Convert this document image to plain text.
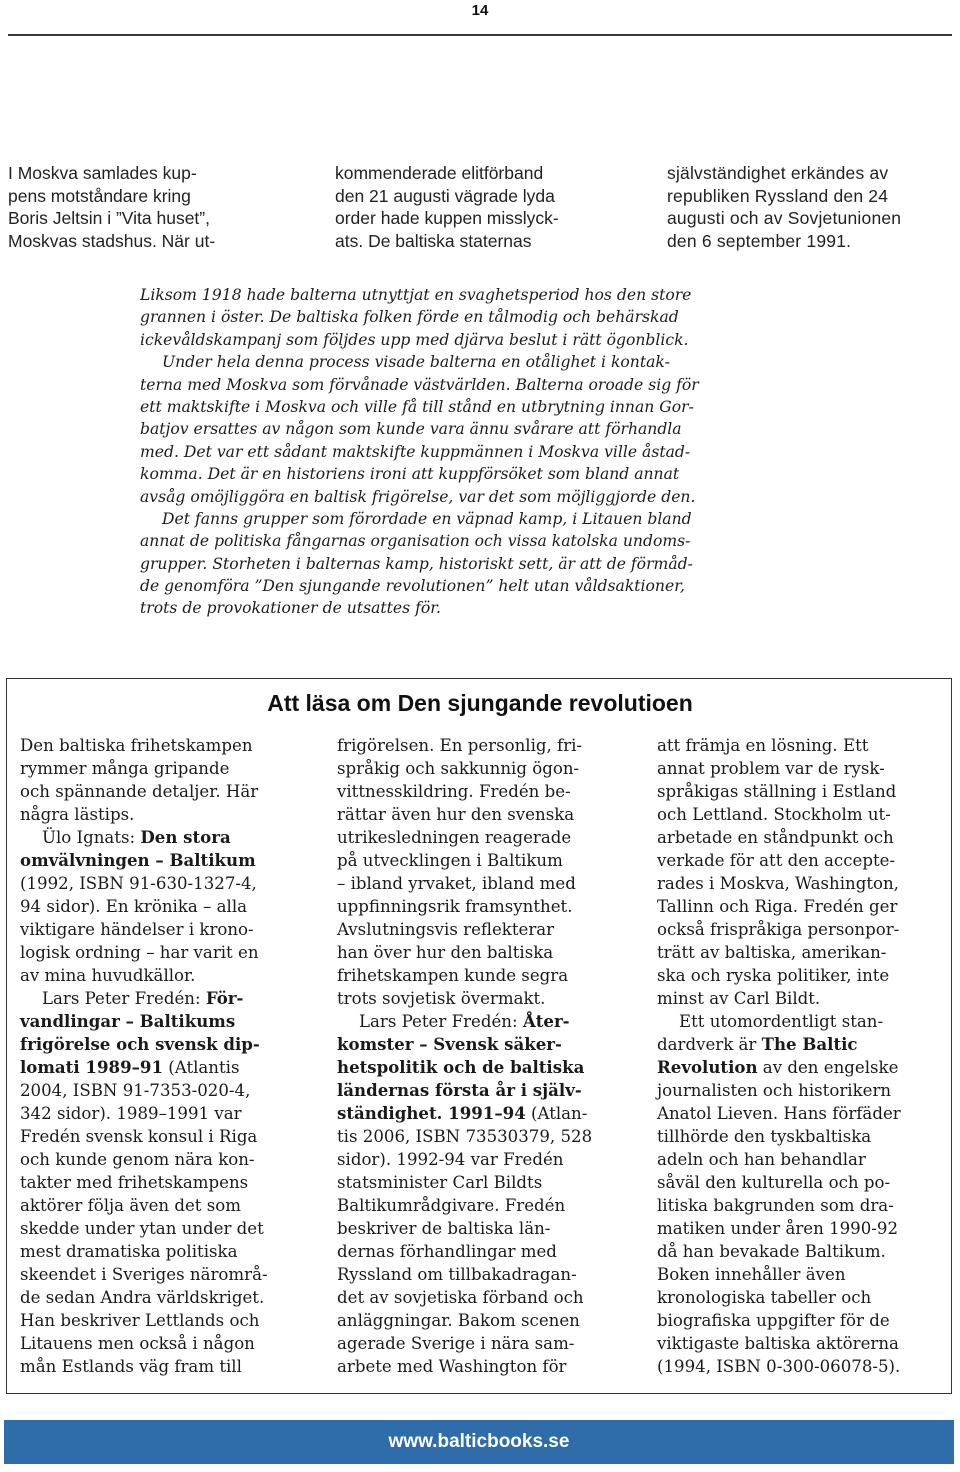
14
I Moskva samlades kup-
pens motståndare kring
Boris Jeltsin i ”Vita huset”,
Moskvas stadshus. När ut-
kommenderade elitförband
den 21 augusti vägrade lyda
order hade kuppen misslyck-
ats. De baltiska staternas
självständighet erkändes av
republiken Ryssland den 24
augusti och av Sovjetunionen
den 6 september 1991.
Liksom 1918 hade balterna utnyttjat en svaghetsperiod hos den store
grannen i öster. De baltiska folken förde en tålmodig och behärskad
ickevåldskampanj som följdes upp med djärva beslut i rätt ögonblick.
Under hela denna process visade balterna en otålighet i kontak-
terna med Moskva som förvånade västvärlden. Balterna oroade sig för
ett maktskifte i Moskva och ville få till stånd en utbrytning innan Gor-
batjov ersattes av någon som kunde vara ännu svårare att förhandla
med. Det var ett sådant maktskifte kuppmännen i Moskva ville åstad-
komma. Det är en historiens ironi att kuppförsöket som bland annat
avsåg omöjliggöra en baltisk frigörelse, var det som möjliggjorde den.
Det fanns grupper som förordade en väpnad kamp, i Litauen bland
annat de politiska fångarnas organisation och vissa katolska undoms-
grupper. Storheten i balternas kamp, historiskt sett, är att de förmåd-
de genomföra ”Den sjungande revolutionen” helt utan våldsaktioner,
trots de provokationer de utsattes för.
Att läsa om Den sjungande revolutioen
Den baltiska frihetskampen
rymmer många gripande
och spännande detaljer. Här
några lästips.
Ülo Ignats: Den stora
omvälvningen – Baltikum
(1992, ISBN 91-630-1327-4,
94 sidor). En krönika – alla
viktigare händelser i krono-
logisk ordning – har varit en
av mina huvudkällor.
Lars Peter Fredén: För-
vandlingar – Baltikums
frigörelse och svensk dip-
lomati 1989–91 (Atlantis
2004, ISBN 91-7353-020-4,
342 sidor). 1989–1991 var
Fredén svensk konsul i Riga
och kunde genom nära kon-
takter med frihetskampens
aktörer följa även det som
skedde under ytan under det
mest dramatiska politiska
skeendet i Sveriges närområ-
de sedan Andra världskriget.
Han beskriver Lettlands och
Litauens men också i någon
mån Estlands väg fram till
frigörelsen. En personlig, fri-
språkig och sakkunnig ögon-
vittnesskildring. Fredén be-
rättar även hur den svenska
utrikesledningen reagerade
på utvecklingen i Baltikum
– ibland yrvaket, ibland med
uppfinningsrik framsynthet.
Avslutningsvis reflekterar
han över hur den baltiska
frihetskampen kunde segra
trots sovjetisk övermakt.
Lars Peter Fredén: Åter-
komster – Svensk säker-
hetspolitik och de baltiska
ländernas första år i själv-
ständighet. 1991–94 (Atlan-
tis 2006, ISBN 73530379, 528
sidor). 1992-94 var Fredén
statsminister Carl Bildts
Baltikumrådgivare. Fredén
beskriver de baltiska län-
dernas förhandlingar med
Ryssland om tillbakadragan-
det av sovjetiska förband och
anläggningar. Bakom scenen
agerade Sverige i nära sam-
arbete med Washington för
att främja en lösning. Ett
annat problem var de rysk-
språkigas ställning i Estland
och Lettland. Stockholm ut-
arbetade en ståndpunkt och
verkade för att den accepte-
rades i Moskva, Washington,
Tallinn och Riga. Fredén ger
också frispråkiga personpor-
trätt av baltiska, amerikan-
ska och ryska politiker, inte
minst av Carl Bildt.
Ett utomordentligt stan-
dardverk är The Baltic
Revolution av den engelske
journalisten och historikern
Anatol Lieven. Hans förfäder
tillhörde den tyskbaltiska
adeln och han behandlar
såväl den kulturella och po-
litiska bakgrunden som dra-
matiken under åren 1990-92
då han bevakade Baltikum.
Boken innehåller även
kronologiska tabeller och
biografiska uppgifter för de
viktigaste baltiska aktörerna
(1994, ISBN 0-300-06078-5).
www.balticbooks.se
